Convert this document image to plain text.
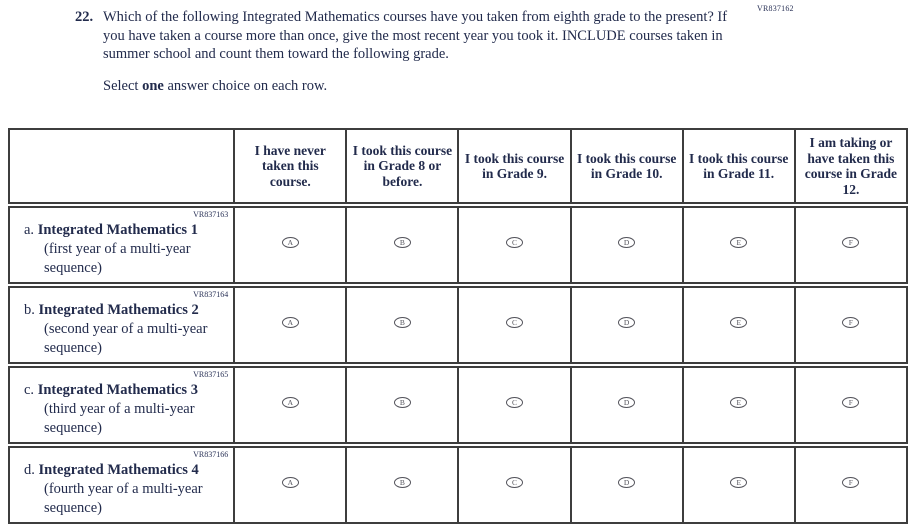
VR837162
22. Which of the following Integrated Mathematics courses have you taken from eighth grade to the present? If you have taken a course more than once, give the most recent year you took it. INCLUDE courses taken in summer school and count them toward the following grade.
Select one answer choice on each row.
	I have never taken this course.	I took this course in Grade 8 or before.	I took this course in Grade 9.	I took this course in Grade 10.	I took this course in Grade 11.	I am taking or have taken this course in Grade 12.

VR837163
a. Integrated Mathematics 1 (first year of a multi-year sequence)	A	B	C	D	E	F

VR837164
b. Integrated Mathematics 2 (second year of a multi-year sequence)	A	B	C	D	E	F

VR837165
c. Integrated Mathematics 3 (third year of a multi-year sequence)	A	B	C	D	E	F

VR837166
d. Integrated Mathematics 4 (fourth year of a multi-year sequence)	A	B	C	D	E	F
